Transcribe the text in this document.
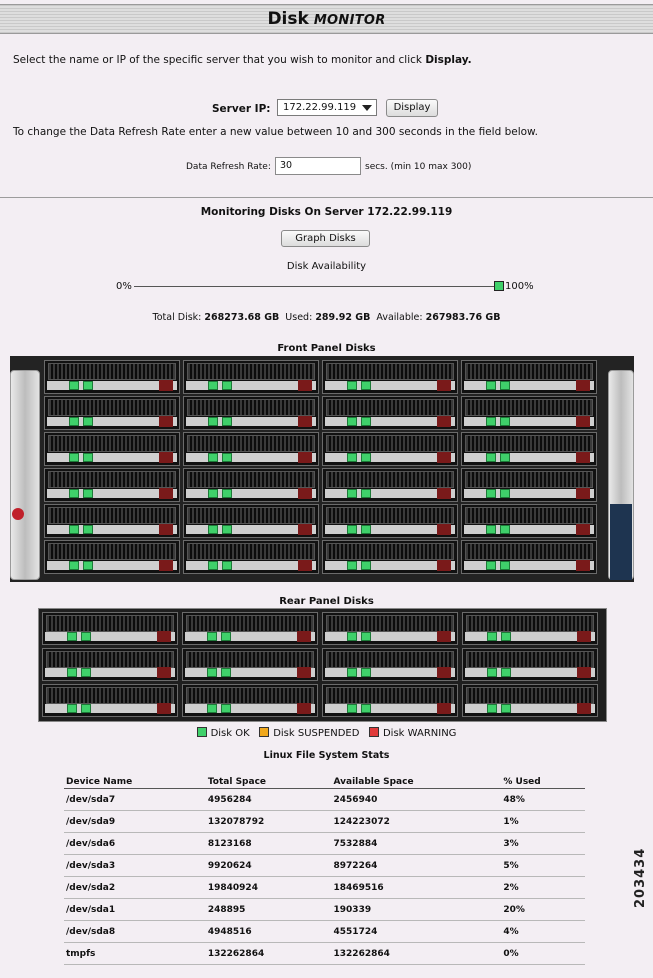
Disk MONITOR
Select the name or IP of the specific server that you wish to monitor and click Display.
Server IP:	172.22.99.119	Display
To change the Data Refresh Rate enter a new value between 10 and 300 seconds in the field below.
Data Refresh Rate: 30	secs. (min 10 max 300)
Monitoring Disks On Server 172.22.99.119
Graph Disks
Disk Availability
0%	100%
Total Disk: 268273.68 GB Used: 289.92 GB Available: 267983.76 GB
Front Panel Disks
Rear Panel Disks
Disk OK Disk SUSPENDED Disk WARNING
Linux File System Stats
Device Name	Total Space	Available Space	% Used
/dev/sda7	4956284	2456940	48%
/dev/sda9	132078792	124223072	1%
/dev/sda6	8123168	7532884	3%
/dev/sda3	9920624	8972264	5%
/dev/sda2	19840924	18469516	2%
/dev/sda1	248895	190339	20%
/dev/sda8	4948516	4551724	4%
tmpfs	132262864	132262864	0%
203434
